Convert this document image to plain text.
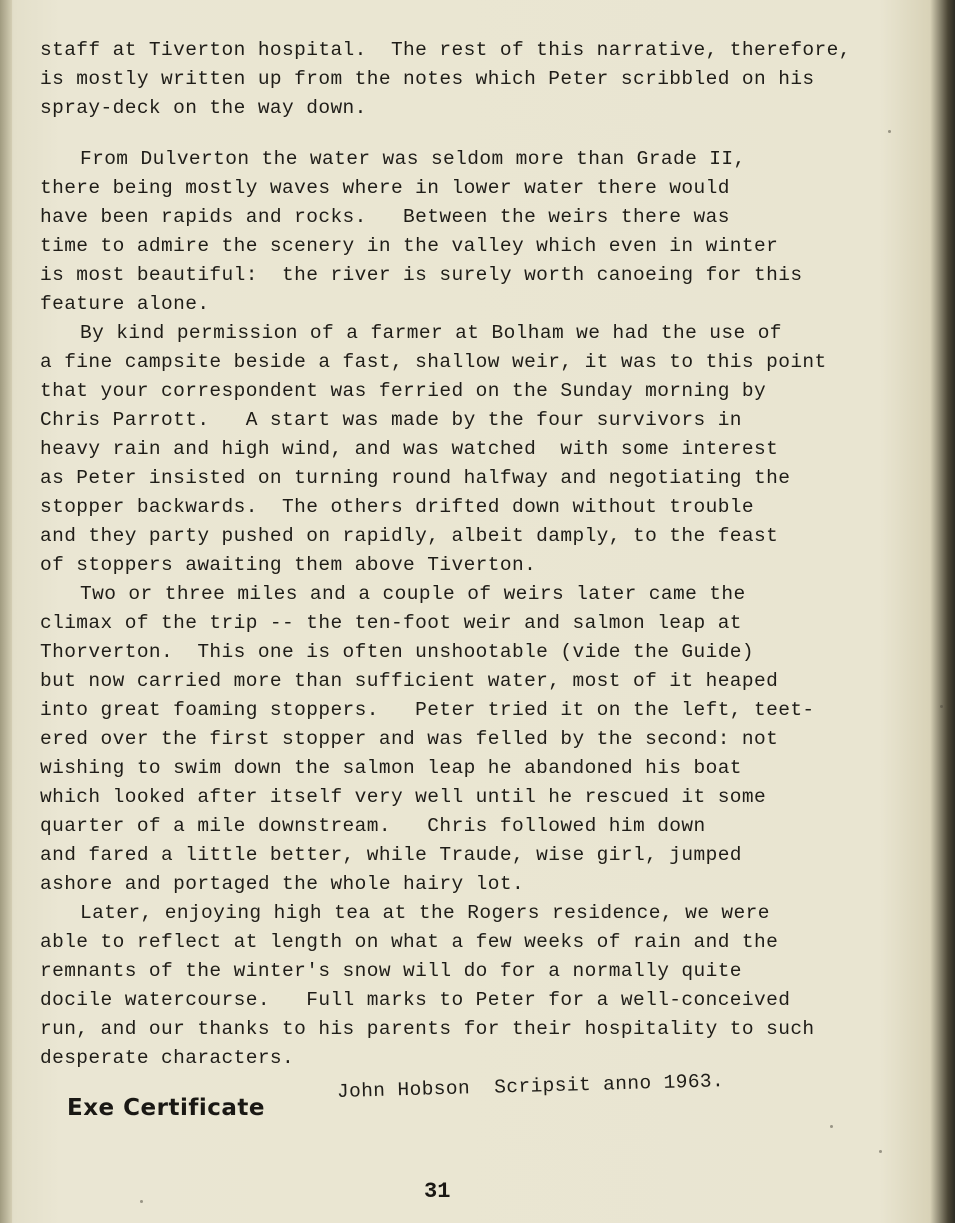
staff at Tiverton hospital.  The rest of this narrative, therefore,
is mostly written up from the notes which Peter scribbled on his
spray-deck on the way down.
From Dulverton the water was seldom more than Grade II,
there being mostly waves where in lower water there would
have been rapids and rocks.   Between the weirs there was
time to admire the scenery in the valley which even in winter
is most beautiful:  the river is surely worth canoeing for this
feature alone.
By kind permission of a farmer at Bolham we had the use of
a fine campsite beside a fast, shallow weir, it was to this point
that your correspondent was ferried on the Sunday morning by
Chris Parrott.   A start was made by the four survivors in
heavy rain and high wind, and was watched  with some interest
as Peter insisted on turning round halfway and negotiating the
stopper backwards.  The others drifted down without trouble
and they party pushed on rapidly, albeit damply, to the feast
of stoppers awaiting them above Tiverton.
Two or three miles and a couple of weirs later came the
climax of the trip -- the ten-foot weir and salmon leap at
Thorverton.  This one is often unshootable (vide the Guide)
but now carried more than sufficient water, most of it heaped
into great foaming stoppers.   Peter tried it on the left, teet-
ered over the first stopper and was felled by the second: not
wishing to swim down the salmon leap he abandoned his boat
which looked after itself very well until he rescued it some
quarter of a mile downstream.   Chris followed him down
and fared a little better, while Traude, wise girl, jumped
ashore and portaged the whole hairy lot.
Later, enjoying high tea at the Rogers residence, we were
able to reflect at length on what a few weeks of rain and the
remnants of the winter's snow will do for a normally quite
docile watercourse.   Full marks to Peter for a well-conceived
run, and our thanks to his parents for their hospitality to such
desperate characters.
John Hobson  Scripsit anno 1963.
Exe Certificate
31
